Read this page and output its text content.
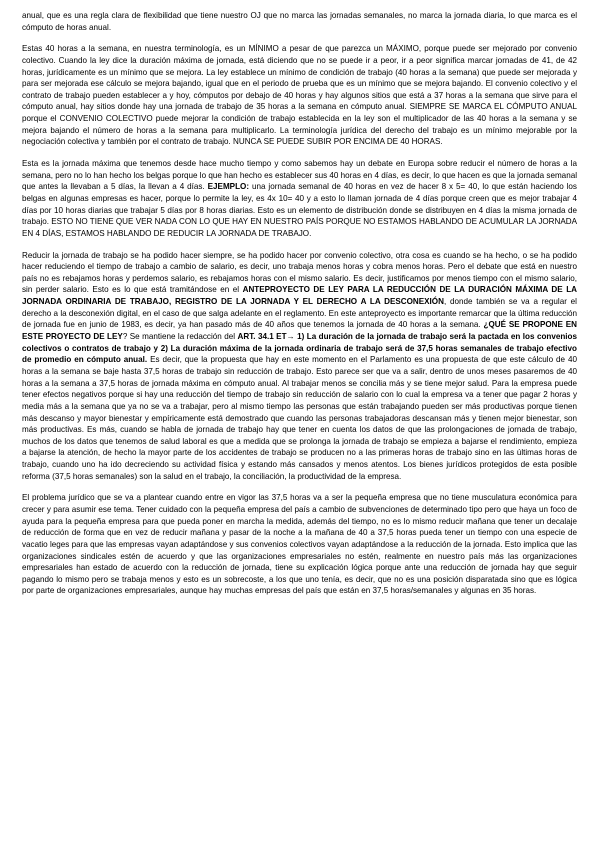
anual, que es una regla clara de flexibilidad que tiene nuestro OJ que no marca las jornadas semanales, no marca la jornada diaria, lo que marca es el cómputo de horas anual.

Estas 40 horas a la semana, en nuestra terminología, es un MÍNIMO a pesar de que parezca un MÁXIMO, porque puede ser mejorado por convenio colectivo. Cuando la ley dice la duración máxima de jornada, está diciendo que no se puede ir a peor, ir a peor significa marcar jornadas de 41, de 42 horas, jurídicamente es un mínimo que se mejora. La ley establece un mínimo de condición de trabajo (40 horas a la semana) que puede ser mejorada y para ser mejorada ese cálculo se mejora bajando, igual que en el periodo de prueba que es un mínimo que se mejora bajando. El convenio colectivo y el contrato de trabajo pueden establecer a y hoy, cómputos por debajo de 40 horas y hay algunos sitios que está a 37 horas a la semana que sirve para el cómputo anual, hay sitios donde hay una jornada de trabajo de 35 horas a la semana en cómputo anual. SIEMPRE SE MARCA EL CÓMPUTO ANUAL porque el CONVENIO COLECTIVO puede mejorar la condición de trabajo establecida en la ley son el multiplicador de las 40 horas a la semana y se mejora bajando el número de horas a la semana para multiplicarlo. La terminología jurídica del derecho del trabajo es un mínimo mejorable por la negociación colectiva y también por el contrato de trabajo. NUNCA SE PUEDE SUBIR POR ENCIMA DE 40 HORAS.

Esta es la jornada máxima que tenemos desde hace mucho tiempo y como sabemos hay un debate en Europa sobre reducir el número de horas a la semana, pero no lo han hecho los belgas porque lo que han hecho es establecer sus 40 horas en 4 días, es decir, lo que hacen es que la jornada semanal que antes la llevaban a 5 días, la llevan a 4 días. EJEMPLO: una jornada semanal de 40 horas en vez de hacer 8 x 5= 40, lo que están haciendo los belgas en algunas empresas es hacer, porque lo permite la ley, es 4x 10= 40 y a esto lo llaman jornada de 4 días porque creen que es mejor trabajar 4 días por 10 horas diarias que trabajar 5 días por 8 horas diarias. Esto es un elemento de distribución donde se distribuyen en 4 días la misma jornada de trabajo. ESTO NO TIENE QUE VER NADA CON LO QUE HAY EN NUESTRO PAÍS PORQUE NO ESTAMOS HABLANDO DE ACUMULAR LA JORNADA EN 4 DÍAS, ESTAMOS HABLANDO DE REDUCIR LA JORNADA DE TRABAJO.

Reducir la jornada de trabajo se ha podido hacer siempre, se ha podido hacer por convenio colectivo, otra cosa es cuando se ha hecho, o se ha podido hacer reduciendo el tiempo de trabajo a cambio de salario, es decir, uno trabaja menos horas y cobra menos horas. Pero el debate que está en nuestro país no es rebajamos horas y perdemos salario, es rebajamos horas con el mismo salario. Es decir, justificamos por menos tiempo con el mismo salario, sin perder salario. Esto es lo que está tramitándose en el ANTEPROYECTO DE LEY PARA LA REDUCCIÓN DE LA DURACIÓN MÁXIMA DE LA JORNADA ORDINARIA DE TRABAJO, REGISTRO DE LA JORNADA Y EL DERECHO A LA DESCONEXIÓN, donde también se va a regular el derecho a la desconexión digital, en el caso de que salga adelante en el reglamento. En este anteproyecto es importante remarcar que la última reducción de jornada fue en junio de 1983, es decir, ya han pasado más de 40 años que tenemos la jornada de 40 horas a la semana. ¿QUÉ SE PROPONE EN ESTE PROYECTO DE LEY? Se mantiene la redacción del ART. 34.1 ET→ 1) La duración de la jornada de trabajo será la pactada en los convenios colectivos o contratos de trabajo y 2) La duración máxima de la jornada ordinaria de trabajo será de 37,5 horas semanales de trabajo efectivo de promedio en cómputo anual. Es decir, que la propuesta que hay en este momento en el Parlamento es una propuesta de que este cálculo de 40 horas a la semana se baje hasta 37,5 horas de trabajo sin reducción de trabajo. Esto parece ser que va a salir, dentro de unos meses pasaremos de 40 horas a la semana a 37,5 horas de jornada máxima en cómputo anual. Al trabajar menos se concilia más y se tiene mejor salud. Para la empresa puede tener efectos negativos porque si hay una reducción del tiempo de trabajo sin reducción de salario con lo cual la empresa va a tener que pagar 2 horas y media más a la semana que ya no se va a trabajar, pero al mismo tiempo las personas que están trabajando pueden ser más productivas porque tienen más descanso y mayor bienestar y empíricamente está demostrado que cuando las personas trabajadoras descansan más y tienen mejor bienestar, son más productivas. Es más, cuando se habla de jornada de trabajo hay que tener en cuenta los datos de que las prolongaciones de jornada de trabajo, muchos de los datos que tenemos de salud laboral es que a medida que se prolonga la jornada de trabajo se empieza a bajarse el rendimiento, empieza a bajarse la atención, de hecho la mayor parte de los accidentes de trabajo se producen no a las primeras horas de trabajo sino en las últimas horas de trabajo, cuando uno ha ido decreciendo su actividad física y estando más cansados y menos atentos. Los bienes jurídicos protegidos de esta posible reforma (37,5 horas semanales) son la salud en el trabajo, la conciliación, la productividad de la empresa.

El problema jurídico que se va a plantear cuando entre en vigor las 37,5 horas va a ser la pequeña empresa que no tiene musculatura económica para crecer y para asumir ese tema. Tener cuidado con la pequeña empresa del país a cambio de subvenciones de determinado tipo pero que haya un foco de ayuda para la pequeña empresa para que pueda poner en marcha la medida, además del tiempo, no es lo mismo reducir mañana que tener un decalaje de reducción de forma que en vez de reducir mañana y pasar de la noche a la mañana de 40 a 37,5 horas pueda tener un tiempo con una especie de vacatio leges para que las empresas vayan adaptándose y sus convenios colectivos vayan adaptándose a la reducción de la jornada. Esto implica que las organizaciones sindicales estén de acuerdo y que las organizaciones empresariales no estén, realmente en nuestro país más las organizaciones empresariales han estado de acuerdo con la reducción de jornada, tiene su explicación lógica porque ante una reducción de jornada hay que seguir pagando lo mismo pero se trabaja menos y esto es un sobrecoste, a los que uno tenía, es decir, que no es una posición disparatada sino que es lógica por parte de organizaciones empresariales, aunque hay muchas empresas del país que están en 37,5 horas/semanales y algunas en 35 horas.
